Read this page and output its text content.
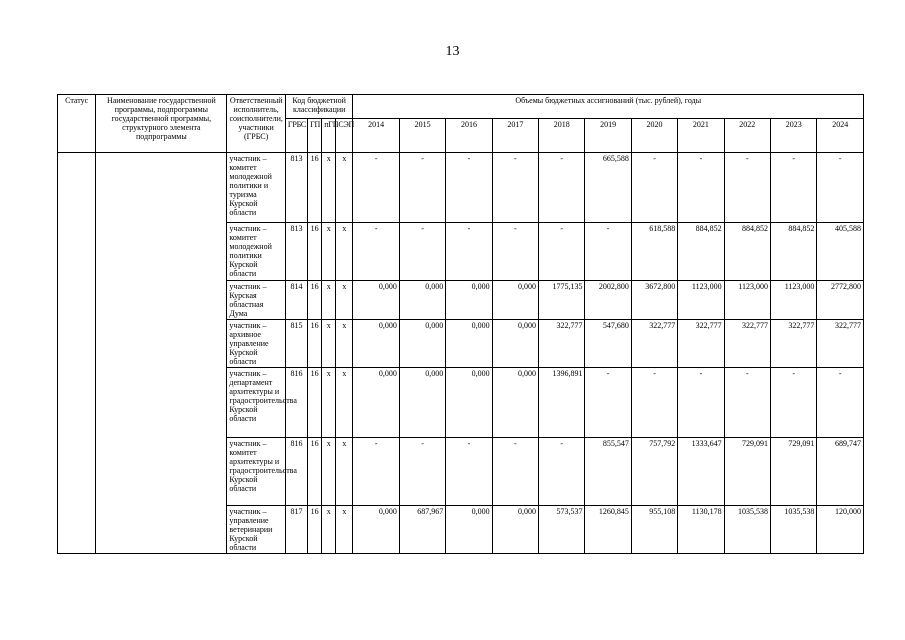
13
Статус	Наименование государственной программы, подпрограммы государственной программы, структурного элемента подпрограммы	Ответственный исполнитель, соисполнители, участники (ГРБС)	Код бюджетной классификации				Объемы бюджетных ассигнований (тыс. рублей), годы										
			ГРБС	ГП	пГП	СЭП	2014	2015	2016	2017	2018	2019	2020	2021	2022	2023	2024
		участник – комитет молодежной политики и туризма Курской области	813	16	х	х	-	-	-	-	-	665,588	-	-	-	-	-
		участник – комитет молодежной политики Курской области	813	16	х	х	-	-	-	-	-	-	618,588	884,852	884,852	884,852	405,588
		участник – Курская областная Дума	814	16	х	х	0,000	0,000	0,000	0,000	1775,135	2002,800	3672,800	1123,000	1123,000	1123,000	2772,800
		участник – архивное управление Курской области	815	16	х	х	0,000	0,000	0,000	0,000	322,777	547,680	322,777	322,777	322,777	322,777	322,777
		участник – департамент архитектуры и градостроительства Курской области	816	16	х	х	0,000	0,000	0,000	0,000	1396,891	-	-	-	-	-	-
		участник – комитет архитектуры и градостроительства Курской области	816	16	х	х	-	-	-	-	-	855,547	757,792	1333,647	729,091	729,091	689,747
		участник – управление ветеринарии Курской области	817	16	х	х	0,000	687,967	0,000	0,000	573,537	1260,845	955,108	1130,178	1035,538	1035,538	120,000
